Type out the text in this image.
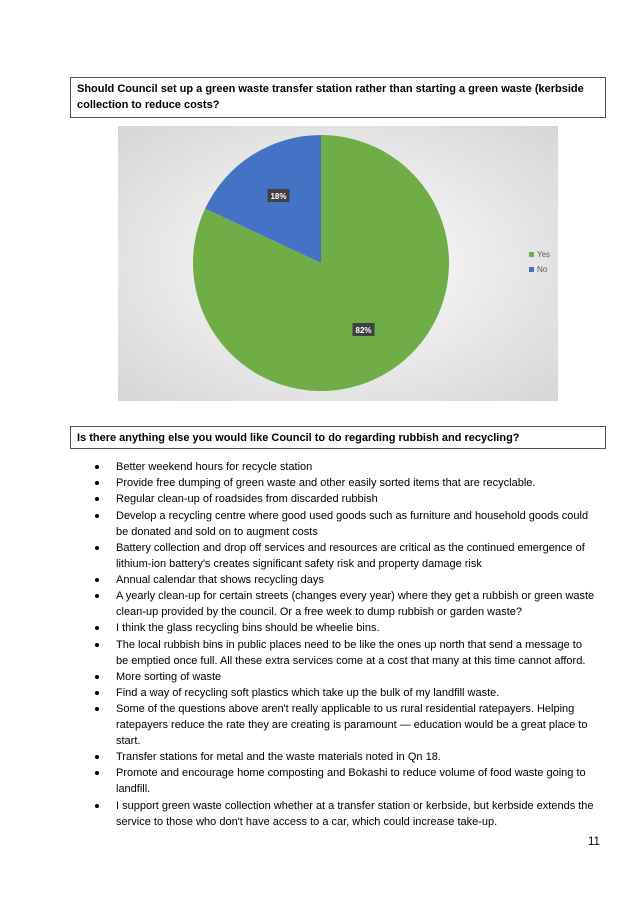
Should Council set up a green waste transfer station rather than starting a green waste (kerbside collection to reduce costs?
82%
18%
Yes
No
Is there anything else you would like Council to do regarding rubbish and recycling?
Better weekend hours for recycle station
Provide free dumping of green waste and other easily sorted items that are recyclable.
Regular clean-up of roadsides from discarded rubbish
Develop a recycling centre where good used goods such as furniture and household goods could be donated and sold on to augment costs
Battery collection and drop off services and resources are critical as the continued emergence of lithium-ion battery's creates significant safety risk and property damage risk
Annual calendar that shows recycling days
A yearly clean-up for certain streets (changes every year) where they get a rubbish or green waste clean-up provided by the council. Or a free week to dump rubbish or garden waste?
I think the glass recycling bins should be wheelie bins.
The local rubbish bins in public places need to be like the ones up north that send a message to be emptied once full. All these extra services come at a cost that many at this time cannot afford.
More sorting of waste
Find a way of recycling soft plastics which take up the bulk of my landfill waste.
Some of the questions above aren't really applicable to us rural residential ratepayers. Helping ratepayers reduce the rate they are creating is paramount — education would be a great place to start.
Transfer stations for metal and the waste materials noted in Qn 18.
Promote and encourage home composting and Bokashi to reduce volume of food waste going to landfill.
I support green waste collection whether at a transfer station or kerbside, but kerbside extends the service to those who don't have access to a car, which could increase take-up.
11
